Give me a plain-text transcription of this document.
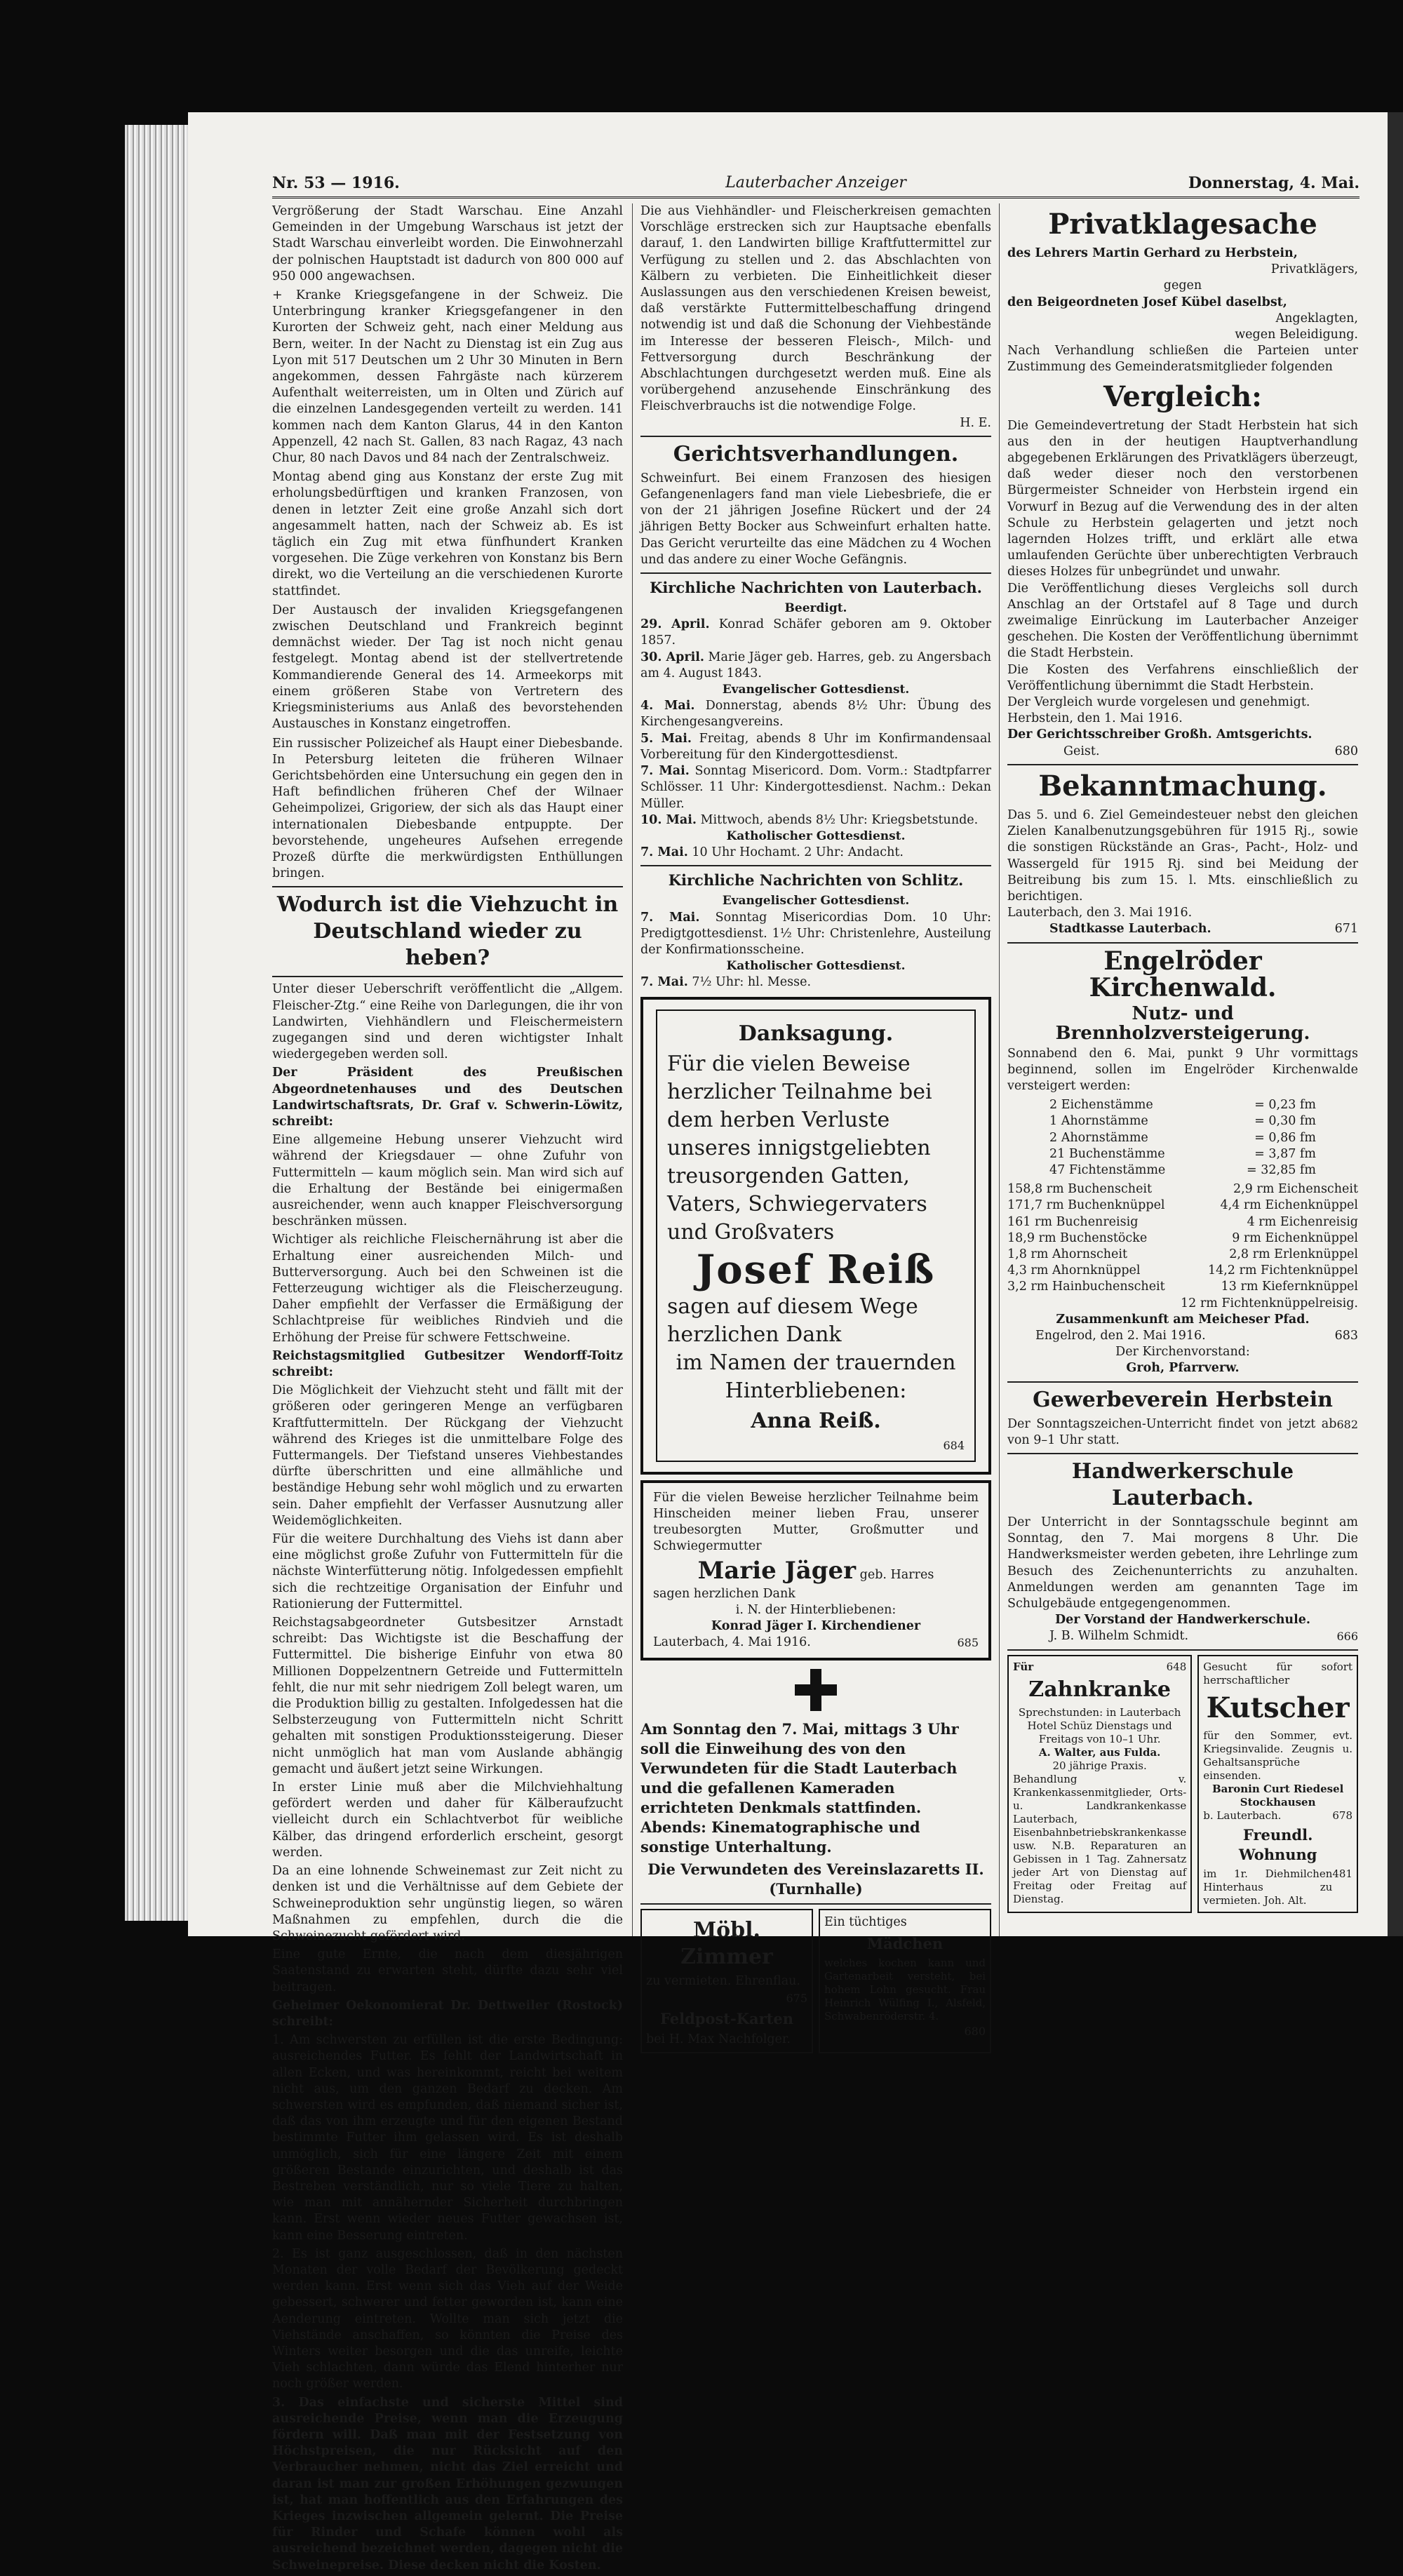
Nr. 53 — 1916.	Lauterbacher Anzeiger	Donnerstag, 4. Mai.

Vergrößerung der Stadt Warschau. Eine Anzahl Gemeinden in der Umgebung Warschaus ist jetzt der Stadt Warschau einverleibt worden. Die Einwohnerzahl der polnischen Hauptstadt ist dadurch von 800 000 auf 950 000 angewachsen.

+ Kranke Kriegsgefangene in der Schweiz. Die Unterbringung kranker Kriegsgefangener in den Kurorten der Schweiz geht, nach einer Meldung aus Bern, weiter. In der Nacht zu Dienstag ist ein Zug aus Lyon mit 517 Deutschen um 2 Uhr 30 Minuten in Bern angekommen, dessen Fahrgäste nach kürzerem Aufenthalt weiterreisten, um in Olten und Zürich auf die einzelnen Landesgegenden verteilt zu werden. 141 kommen nach dem Kanton Glarus, 44 in den Kanton Appenzell, 42 nach St. Gallen, 83 nach Ragaz, 43 nach Chur, 80 nach Davos und 84 nach der Zentralschweiz.

Montag abend ging aus Konstanz der erste Zug mit erholungsbedürftigen und kranken Franzosen, von denen in letzter Zeit eine große Anzahl sich dort angesammelt hatten, nach der Schweiz ab. Es ist täglich ein Zug mit etwa fünfhundert Kranken vorgesehen. Die Züge verkehren von Konstanz bis Bern direkt, wo die Verteilung an die verschiedenen Kurorte stattfindet.

Der Austausch der invaliden Kriegsgefangenen zwischen Deutschland und Frankreich beginnt demnächst wieder. Der Tag ist noch nicht genau festgelegt. Montag abend ist der stellvertretende Kommandierende General des 14. Armeekorps mit einem größeren Stabe von Vertretern des Kriegsministeriums aus Anlaß des bevorstehenden Austausches in Konstanz eingetroffen.

Ein russischer Polizeichef als Haupt einer Diebesbande. In Petersburg leiteten die früheren Wilnaer Gerichtsbehörden eine Untersuchung ein gegen den in Haft befindlichen früheren Chef der Wilnaer Geheimpolizei, Grigoriew, der sich als das Haupt einer internationalen Diebesbande entpuppte. Der bevorstehende, ungeheures Aufsehen erregende Prozeß dürfte die merkwürdigsten Enthüllungen bringen.

Wodurch ist die Viehzucht in Deutschland wieder zu heben?

Unter dieser Ueberschrift veröffentlicht die „Allgem. Fleischer-Ztg.“ eine Reihe von Darlegungen, die ihr von Landwirten, Viehhändlern und Fleischermeistern zugegangen sind und deren wichtigster Inhalt wiedergegeben werden soll.

Der Präsident des Preußischen Abgeordnetenhauses und des Deutschen Landwirtschaftsrats, Dr. Graf v. Schwerin-Löwitz, schreibt:

Eine allgemeine Hebung unserer Viehzucht wird während der Kriegsdauer — ohne Zufuhr von Futtermitteln — kaum möglich sein. Man wird sich auf die Erhaltung der Bestände bei einigermaßen ausreichender, wenn auch knapper Fleischversorgung beschränken müssen.

Wichtiger als reichliche Fleischernährung ist aber die Erhaltung einer ausreichenden Milch- und Butterversorgung. Auch bei den Schweinen ist die Fetterzeugung wichtiger als die Fleischerzeugung. Daher empfiehlt der Verfasser die Ermäßigung der Schlachtpreise für weibliches Rindvieh und die Erhöhung der Preise für schwere Fettschweine.

Reichstagsmitglied Gutbesitzer Wendorff-Toitz schreibt:

Die Möglichkeit der Viehzucht steht und fällt mit der größeren oder geringeren Menge an verfügbaren Kraftfuttermitteln. Der Rückgang der Viehzucht während des Krieges ist die unmittelbare Folge des Futtermangels. Der Tiefstand unseres Viehbestandes dürfte überschritten und eine allmähliche und beständige Hebung sehr wohl möglich und zu erwarten sein. Daher empfiehlt der Verfasser Ausnutzung aller Weidemöglichkeiten.

Für die weitere Durchhaltung des Viehs ist dann aber eine möglichst große Zufuhr von Futtermitteln für die nächste Winterfütterung nötig. Infolgedessen empfiehlt sich die rechtzeitige Organisation der Einfuhr und Rationierung der Futtermittel.

Reichstagsabgeordneter Gutsbesitzer Arnstadt schreibt: Das Wichtigste ist die Beschaffung der Futtermittel. Die bisherige Einfuhr von etwa 80 Millionen Doppelzentnern Getreide und Futtermitteln fehlt, die nur mit sehr niedrigem Zoll belegt waren, um die Produktion billig zu gestalten. Infolgedessen hat die Selbsterzeugung von Futtermitteln nicht Schritt gehalten mit sonstigen Produktionssteigerung. Dieser nicht unmöglich hat man vom Auslande abhängig gemacht und äußert jetzt seine Wirkungen.

In erster Linie muß aber die Milchviehhaltung gefördert werden und daher für Kälberaufzucht vielleicht durch ein Schlachtverbot für weibliche Kälber, das dringend erforderlich erscheint, gesorgt werden.

Da an eine lohnende Schweinemast zur Zeit nicht zu denken ist und die Verhältnisse auf dem Gebiete der Schweineproduktion sehr ungünstig liegen, so wären Maßnahmen zu empfehlen, durch die die Schweinezucht gefördert wird.

Eine gute Ernte, die nach dem diesjährigen Saatenstand zu erwarten steht, dürfte dazu sehr viel beitragen.

Geheimer Oekonomierat Dr. Dettweiler (Rostock) schreibt:

1. Am schwersten zu erfüllen ist die erste Bedingung: ausreichendes Futter. Es fehlt der Landwirtschaft in allen Ecken, und was hereinkommt, reicht bei weitem nicht aus, um den ganzen Bedarf zu decken. Am schwersten wird es empfunden, daß niemand sicher ist, daß das von ihm erzeugte und für den eigenen Bestand bestimmte Futter ihm gelassen wird. Es ist deshalb unmöglich, sich für eine längere Zeit mit einem größeren Bestande einzurichten, und deshalb ist das Bestreben verständlich, nur so viele Tiere zu halten, wie man mit annähernder Sicherheit durchbringen kann. Erst wenn wieder neues Futter gewachsen ist, kann eine Besserung eintreten.

2. Es ist ganz ausgeschlossen, daß in den nächsten Monaten der volle Bedarf der Bevölkerung gedeckt werden kann. Erst wenn sich das Vieh auf der Weide gebessert, schwerer und fetter geworden ist, kann eine Aenderung eintreten. Wollte man sich jetzt die Viehstände anschaffen, so könnten die Preise des Winters weiter besorgen und die das unreife, leichte Vieh schlachten, dann würde das Elend hinterher nur noch größer werden.

3. Das einfachste und sicherste Mittel sind ausreichende Preise, wenn man die Erzeugung fördern will. Daß man mit der Festsetzung von Höchstpreisen, die nur Rücksicht auf den Verbraucher nehmen, nicht das Ziel erreicht und daran ist man zur großen Erhöhungen gezwungen ist, hat man hoffentlich aus den Erfahrungen des Krieges inzwischen allgemein gelernt. Die Preise für Rinder und Schafe können wohl als ausreichend bezeichnet werden, dagegen nicht die Schweinepreise. Diese decken nicht die Kosten.

Die aus Viehhändler- und Fleischerkreisen gemachten Vorschläge erstrecken sich zur Hauptsache ebenfalls darauf, 1. den Landwirten billige Kraftfuttermittel zur Verfügung zu stellen und 2. das Abschlachten von Kälbern zu verbieten. Die Einheitlichkeit dieser Auslassungen aus den verschiedenen Kreisen beweist, daß verstärkte Futtermittelbeschaffung dringend notwendig ist und daß die Schonung der Viehbestände im Interesse der besseren Fleisch-, Milch- und Fettversorgung durch Beschränkung der Abschlachtungen durchgesetzt werden muß. Eine als vorübergehend anzusehende Einschränkung des Fleischverbrauchs ist die notwendige Folge.

H. E.
Gerichtsverhandlungen.

Schweinfurt. Bei einem Franzosen des hiesigen Gefangenenlagers fand man viele Liebesbriefe, die er von der 21 jährigen Josefine Rückert und der 24 jährigen Betty Bocker aus Schweinfurt erhalten hatte. Das Gericht verurteilte das eine Mädchen zu 4 Wochen und das andere zu einer Woche Gefängnis.

Kirchliche Nachrichten von Lauterbach.
Beerdigt.
29. April. Konrad Schäfer geboren am 9. Oktober 1857.
30. April. Marie Jäger geb. Harres, geb. zu Angersbach am 4. August 1843.
Evangelischer Gottesdienst.
4. Mai. Donnerstag, abends 8½ Uhr: Übung des Kirchengesangvereins.
5. Mai. Freitag, abends 8 Uhr im Konfirmandensaal Vorbereitung für den Kindergottesdienst.
7. Mai. Sonntag Misericord. Dom. Vorm.: Stadtpfarrer Schlösser. 11 Uhr: Kindergottesdienst. Nachm.: Dekan Müller.
10. Mai. Mittwoch, abends 8½ Uhr: Kriegsbetstunde.
Katholischer Gottesdienst.
7. Mai. 10 Uhr Hochamt. 2 Uhr: Andacht.
Kirchliche Nachrichten von Schlitz.
Evangelischer Gottesdienst.
7. Mai. Sonntag Misericordias Dom. 10 Uhr: Predigtgottesdienst. 1½ Uhr: Christenlehre, Austeilung der Konfirmationsscheine.
Katholischer Gottesdienst.
7. Mai. 7½ Uhr: hl. Messe.
Danksagung.
Für die vielen Beweise herzlicher Teilnahme bei dem herben Verluste unseres innigstgeliebten treusorgenden Gatten, Vaters, Schwiegervaters und Großvaters
Josef Reiß
sagen auf diesem Wege herzlichen Dank
im Namen der trauernden Hinterbliebenen:
Anna Reiß.
684
Für die vielen Beweise herzlicher Teilnahme beim Hinscheiden meiner lieben Frau, unserer treubesorgten Mutter, Großmutter und Schwiegermutter
Marie Jäger geb. Harres
sagen herzlichen Dank
i. N. der Hinterbliebenen:
Konrad Jäger I. Kirchendiener
Lauterbach, 4. Mai 1916.	685
Am Sonntag den 7. Mai, mittags 3 Uhr soll die Einweihung des von den Verwundeten für die Stadt Lauterbach und die gefallenen Kameraden errichteten Denkmals stattfinden. Abends: Kinematographische und sonstige Unterhaltung.
Die Verwundeten des Vereinslazaretts II. (Turnhalle)
Möbl. Zimmer
zu vermieten. Ehrenflau.
675
Feldpost-Karten
bei H. Max Nachfolger.
Ein tüchtiges
Mädchen
welches kochen kann und Gartenarbeit versteht, bei hohem Lohn gesucht. Frau Heinrich Wülfing I., Alsfeld, Schwabenröderstr. 4.
680
Privatklagesache
des Lehrers Martin Gerhard zu Herbstein,
Privatklägers,
gegen
den Beigeordneten Josef Kübel daselbst,
Angeklagten,
wegen Beleidigung.
Nach Verhandlung schließen die Parteien unter Zustimmung des Gemeinderatsmitglieder folgenden
Vergleich:

Die Gemeindevertretung der Stadt Herbstein hat sich aus den in der heutigen Hauptverhandlung abgegebenen Erklärungen des Privatklägers überzeugt, daß weder dieser noch den verstorbenen Bürgermeister Schneider von Herbstein irgend ein Vorwurf in Bezug auf die Verwendung des in der alten Schule zu Herbstein gelagerten und jetzt noch lagernden Holzes trifft, und erklärt alle etwa umlaufenden Gerüchte über unberechtigten Verbrauch dieses Holzes für unbegründet und unwahr.

Die Veröffentlichung dieses Vergleichs soll durch Anschlag an der Ortstafel auf 8 Tage und durch zweimalige Einrückung im Lauterbacher Anzeiger geschehen. Die Kosten der Veröffentlichung übernimmt die Stadt Herbstein.

Die Kosten des Verfahrens einschließlich der Veröffentlichung übernimmt die Stadt Herbstein.

Der Vergleich wurde vorgelesen und genehmigt.

Herbstein, den 1. Mai 1916.
Der Gerichtsschreiber Großh. Amtsgerichts.
Geist.	680
Bekanntmachung.

Das 5. und 6. Ziel Gemeindesteuer nebst den gleichen Zielen Kanalbenutzungsgebühren für 1915 Rj., sowie die sonstigen Rückstände an Gras-, Pacht-, Holz- und Wassergeld für 1915 Rj. sind bei Meidung der Beitreibung bis zum 15. l. Mts. einschließlich zu berichtigen.

Lauterbach, den 3. Mai 1916.
Stadtkasse Lauterbach.	671
Engelröder Kirchenwald.
Nutz- und Brennholzversteigerung.
Sonnabend den 6. Mai, punkt 9 Uhr vormittags beginnend, sollen im Engelröder Kirchenwalde versteigert werden:
2 Eichenstämme	= 0,23 fm
1 Ahornstämme	= 0,30 fm
2 Ahornstämme	= 0,86 fm
21 Buchenstämme	= 3,87 fm
47 Fichtenstämme	= 32,85 fm
158,8 rm Buchenscheit	2,9 rm Eichenscheit
171,7 rm Buchenknüppel	4,4 rm Eichenknüppel
161 rm Buchenreisig	4 rm Eichenreisig
18,9 rm Buchenstöcke	9 rm Eichenknüppel
1,8 rm Ahornscheit	2,8 rm Erlenknüppel
4,3 rm Ahornknüppel	14,2 rm Fichtenknüppel
3,2 rm Hainbuchenscheit	13 rm Kiefernknüppel
12 rm Fichtenknüppelreisig.
Zusammenkunft am Meicheser Pfad.
Engelrod, den 2. Mai 1916.	683
Der Kirchenvorstand:
Groh, Pfarrverw.
Gewerbeverein Herbstein
Der Sonntagszeichen-Unterricht findet von jetzt ab von 9–1 Uhr statt.
682
Handwerkerschule Lauterbach.

Der Unterricht in der Sonntagsschule beginnt am Sonntag, den 7. Mai morgens 8 Uhr. Die Handwerksmeister werden gebeten, ihre Lehrlinge zum Besuch des Zeichenunterrichts zu anzuhalten. Anmeldungen werden am genannten Tage im Schulgebäude entgegengenommen.

Der Vorstand der Handwerkerschule.
J. B. Wilhelm Schmidt.	666
Für	648
Zahnkranke
Sprechstunden: in Lauterbach Hotel Schüz Dienstags und Freitags von 10–1 Uhr.
A. Walter, aus Fulda.
20 jährige Praxis.
Behandlung v. Krankenkassenmitglieder, Orts- u. Landkrankenkasse Lauterbach, Eisenbahnbetriebskrankenkasse usw. N.B. Reparaturen an Gebissen in 1 Tag. Zahnersatz jeder Art von Dienstag auf Freitag oder Freitag auf Dienstag.
Gesucht für sofort herrschaftlicher
Kutscher
für den Sommer, evt. Kriegsinvalide. Zeugnis u. Gehaltsansprüche einsenden.
Baronin Curt Riedesel
Stockhausen
b. Lauterbach.	678
Freundl. Wohnung
im 1r. Diehmilchen Hinterhaus zu vermieten. Joh. Alt.
481
